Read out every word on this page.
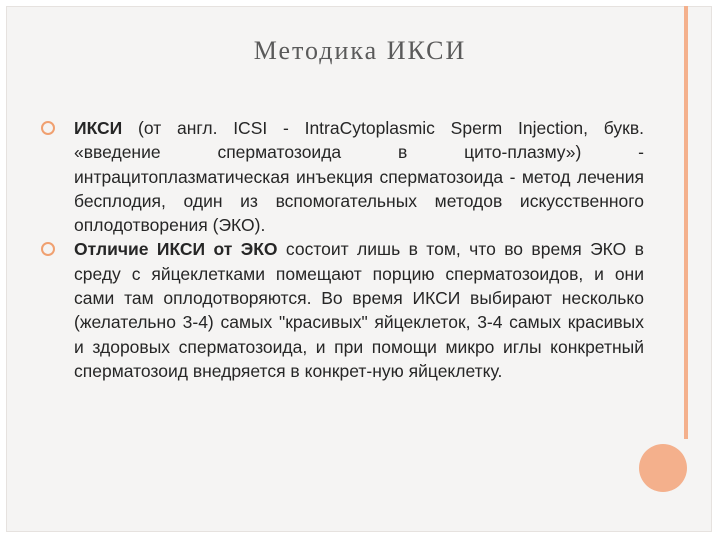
Методика ИКСИ
ИКСИ (от англ. ICSI - IntraCytoplasmic Sperm Injection, букв. «введение сперматозоида в цито-плазму») - интрацитоплазматическая инъекция сперматозоида - метод лечения бесплодия, один из вспомогательных методов искусственного оплодотворения (ЭКО).
Отличие ИКСИ от ЭКО состоит лишь в том, что во время ЭКО в среду с яйцеклетками помещают порцию сперматозоидов, и они сами там оплодотворяются. Во время ИКСИ выбирают несколько (желательно 3-4) самых "красивых" яйцеклеток, 3-4 самых красивых и здоровых сперматозоида, и при помощи микро иглы конкретный сперматозоид внедряется в конкрет-ную яйцеклетку.
